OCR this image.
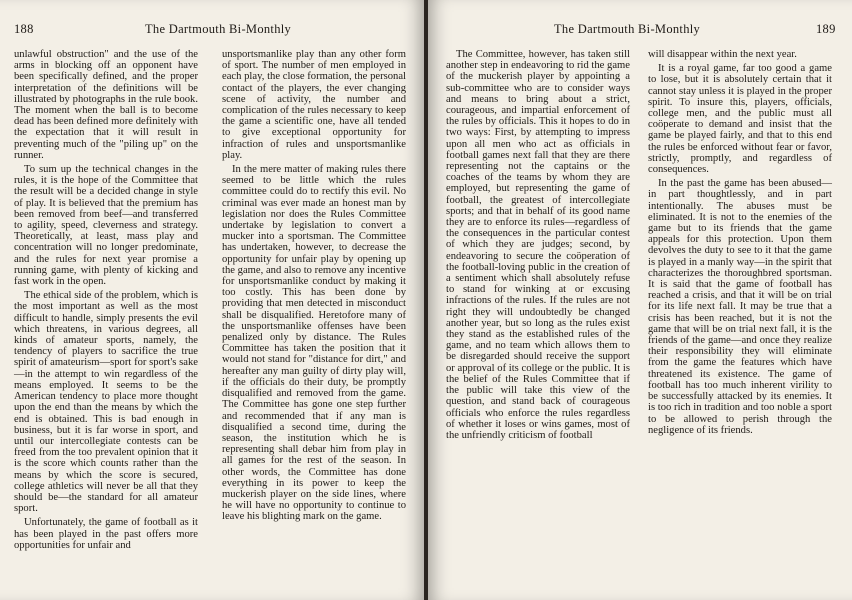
188	The Dartmouth Bi-Monthly

unlawful obstruction" and the use of the arms in blocking off an opponent have been specifically defined, and the proper interpretation of the definitions will be illustrated by photographs in the rule book. The moment when the ball is to become dead has been defined more definitely with the expectation that it will result in preventing much of the "piling up" on the runner.

To sum up the technical changes in the rules, it is the hope of the Committee that the result will be a decided change in style of play. It is believed that the premium has been removed from beef—and transferred to agility, speed, cleverness and strategy. Theoretically, at least, mass play and concentration will no longer predominate, and the rules for next year promise a running game, with plenty of kicking and fast work in the open.

The ethical side of the problem, which is the most important as well as the most difficult to handle, simply presents the evil which threatens, in various degrees, all kinds of amateur sports, namely, the tendency of players to sacrifice the true spirit of amateurism—sport for sport's sake—in the attempt to win regardless of the means employed. It seems to be the American tendency to place more thought upon the end than the means by which the end is obtained. This is bad enough in business, but it is far worse in sport, and until our intercollegiate contests can be freed from the too prevalent opinion that it is the score which counts rather than the means by which the score is secured, college athletics will never be all that they should be—the standard for all amateur sport.

Unfortunately, the game of football as it has been played in the past offers more opportunities for unfair and

unsportsmanlike play than any other form of sport. The number of men employed in each play, the close formation, the personal contact of the players, the ever changing scene of activity, the number and complication of the rules necessary to keep the game a scientific one, have all tended to give exceptional opportunity for infraction of rules and unsportsmanlike play.

In the mere matter of making rules there seemed to be little which the rules committee could do to rectify this evil. No criminal was ever made an honest man by legislation nor does the Rules Committee undertake by legislation to convert a mucker into a sportsman. The Committee has undertaken, however, to decrease the opportunity for unfair play by opening up the game, and also to remove any incentive for unsportsmanlike conduct by making it too costly. This has been done by providing that men detected in misconduct shall be disqualified. Heretofore many of the unsportsmanlike offenses have been penalized only by distance. The Rules Committee has taken the position that it would not stand for "distance for dirt," and hereafter any man guilty of dirty play will, if the officials do their duty, be promptly disqualified and removed from the game. The Committee has gone one step further and recommended that if any man is disqualified a second time, during the season, the institution which he is representing shall debar him from play in all games for the rest of the season. In other words, the Committee has done everything in its power to keep the muckerish player on the side lines, where he will have no opportunity to continue to leave his blighting mark on the game.

The Dartmouth Bi-Monthly	189

The Committee, however, has taken still another step in endeavoring to rid the game of the muckerish player by appointing a sub-committee who are to consider ways and means to bring about a strict, courageous, and impartial enforcement of the rules by officials. This it hopes to do in two ways: First, by attempting to impress upon all men who act as officials in football games next fall that they are there representing not the captains or the coaches of the teams by whom they are employed, but representing the game of football, the greatest of intercollegiate sports; and that in behalf of its good name they are to enforce its rules—regardless of the consequences in the particular contest of which they are judges; second, by endeavoring to secure the coöperation of the football-loving public in the creation of a sentiment which shall absolutely refuse to stand for winking at or excusing infractions of the rules. If the rules are not right they will undoubtedly be changed another year, but so long as the rules exist they stand as the established rules of the game, and no team which allows them to be disregarded should receive the support or approval of its college or the public. It is the belief of the Rules Committee that if the public will take this view of the question, and stand back of courageous officials who enforce the rules regardless of whether it loses or wins games, most of the unfriendly criticism of football

will disappear within the next year.

It is a royal game, far too good a game to lose, but it is absolutely certain that it cannot stay unless it is played in the proper spirit. To insure this, players, officials, college men, and the public must all coöperate to demand and insist that the game be played fairly, and that to this end the rules be enforced without fear or favor, strictly, promptly, and regardless of consequences.

In the past the game has been abused—in part thoughtlessly, and in part intentionally. The abuses must be eliminated. It is not to the enemies of the game but to its friends that the game appeals for this protection. Upon them devolves the duty to see to it that the game is played in a manly way—in the spirit that characterizes the thoroughbred sportsman. It is said that the game of football has reached a crisis, and that it will be on trial for its life next fall. It may be true that a crisis has been reached, but it is not the game that will be on trial next fall, it is the friends of the game—and once they realize their responsibility they will eliminate from the game the features which have threatened its existence. The game of football has too much inherent virility to be successfully attacked by its enemies. It is too rich in tradition and too noble a sport to be allowed to perish through the negligence of its friends.
